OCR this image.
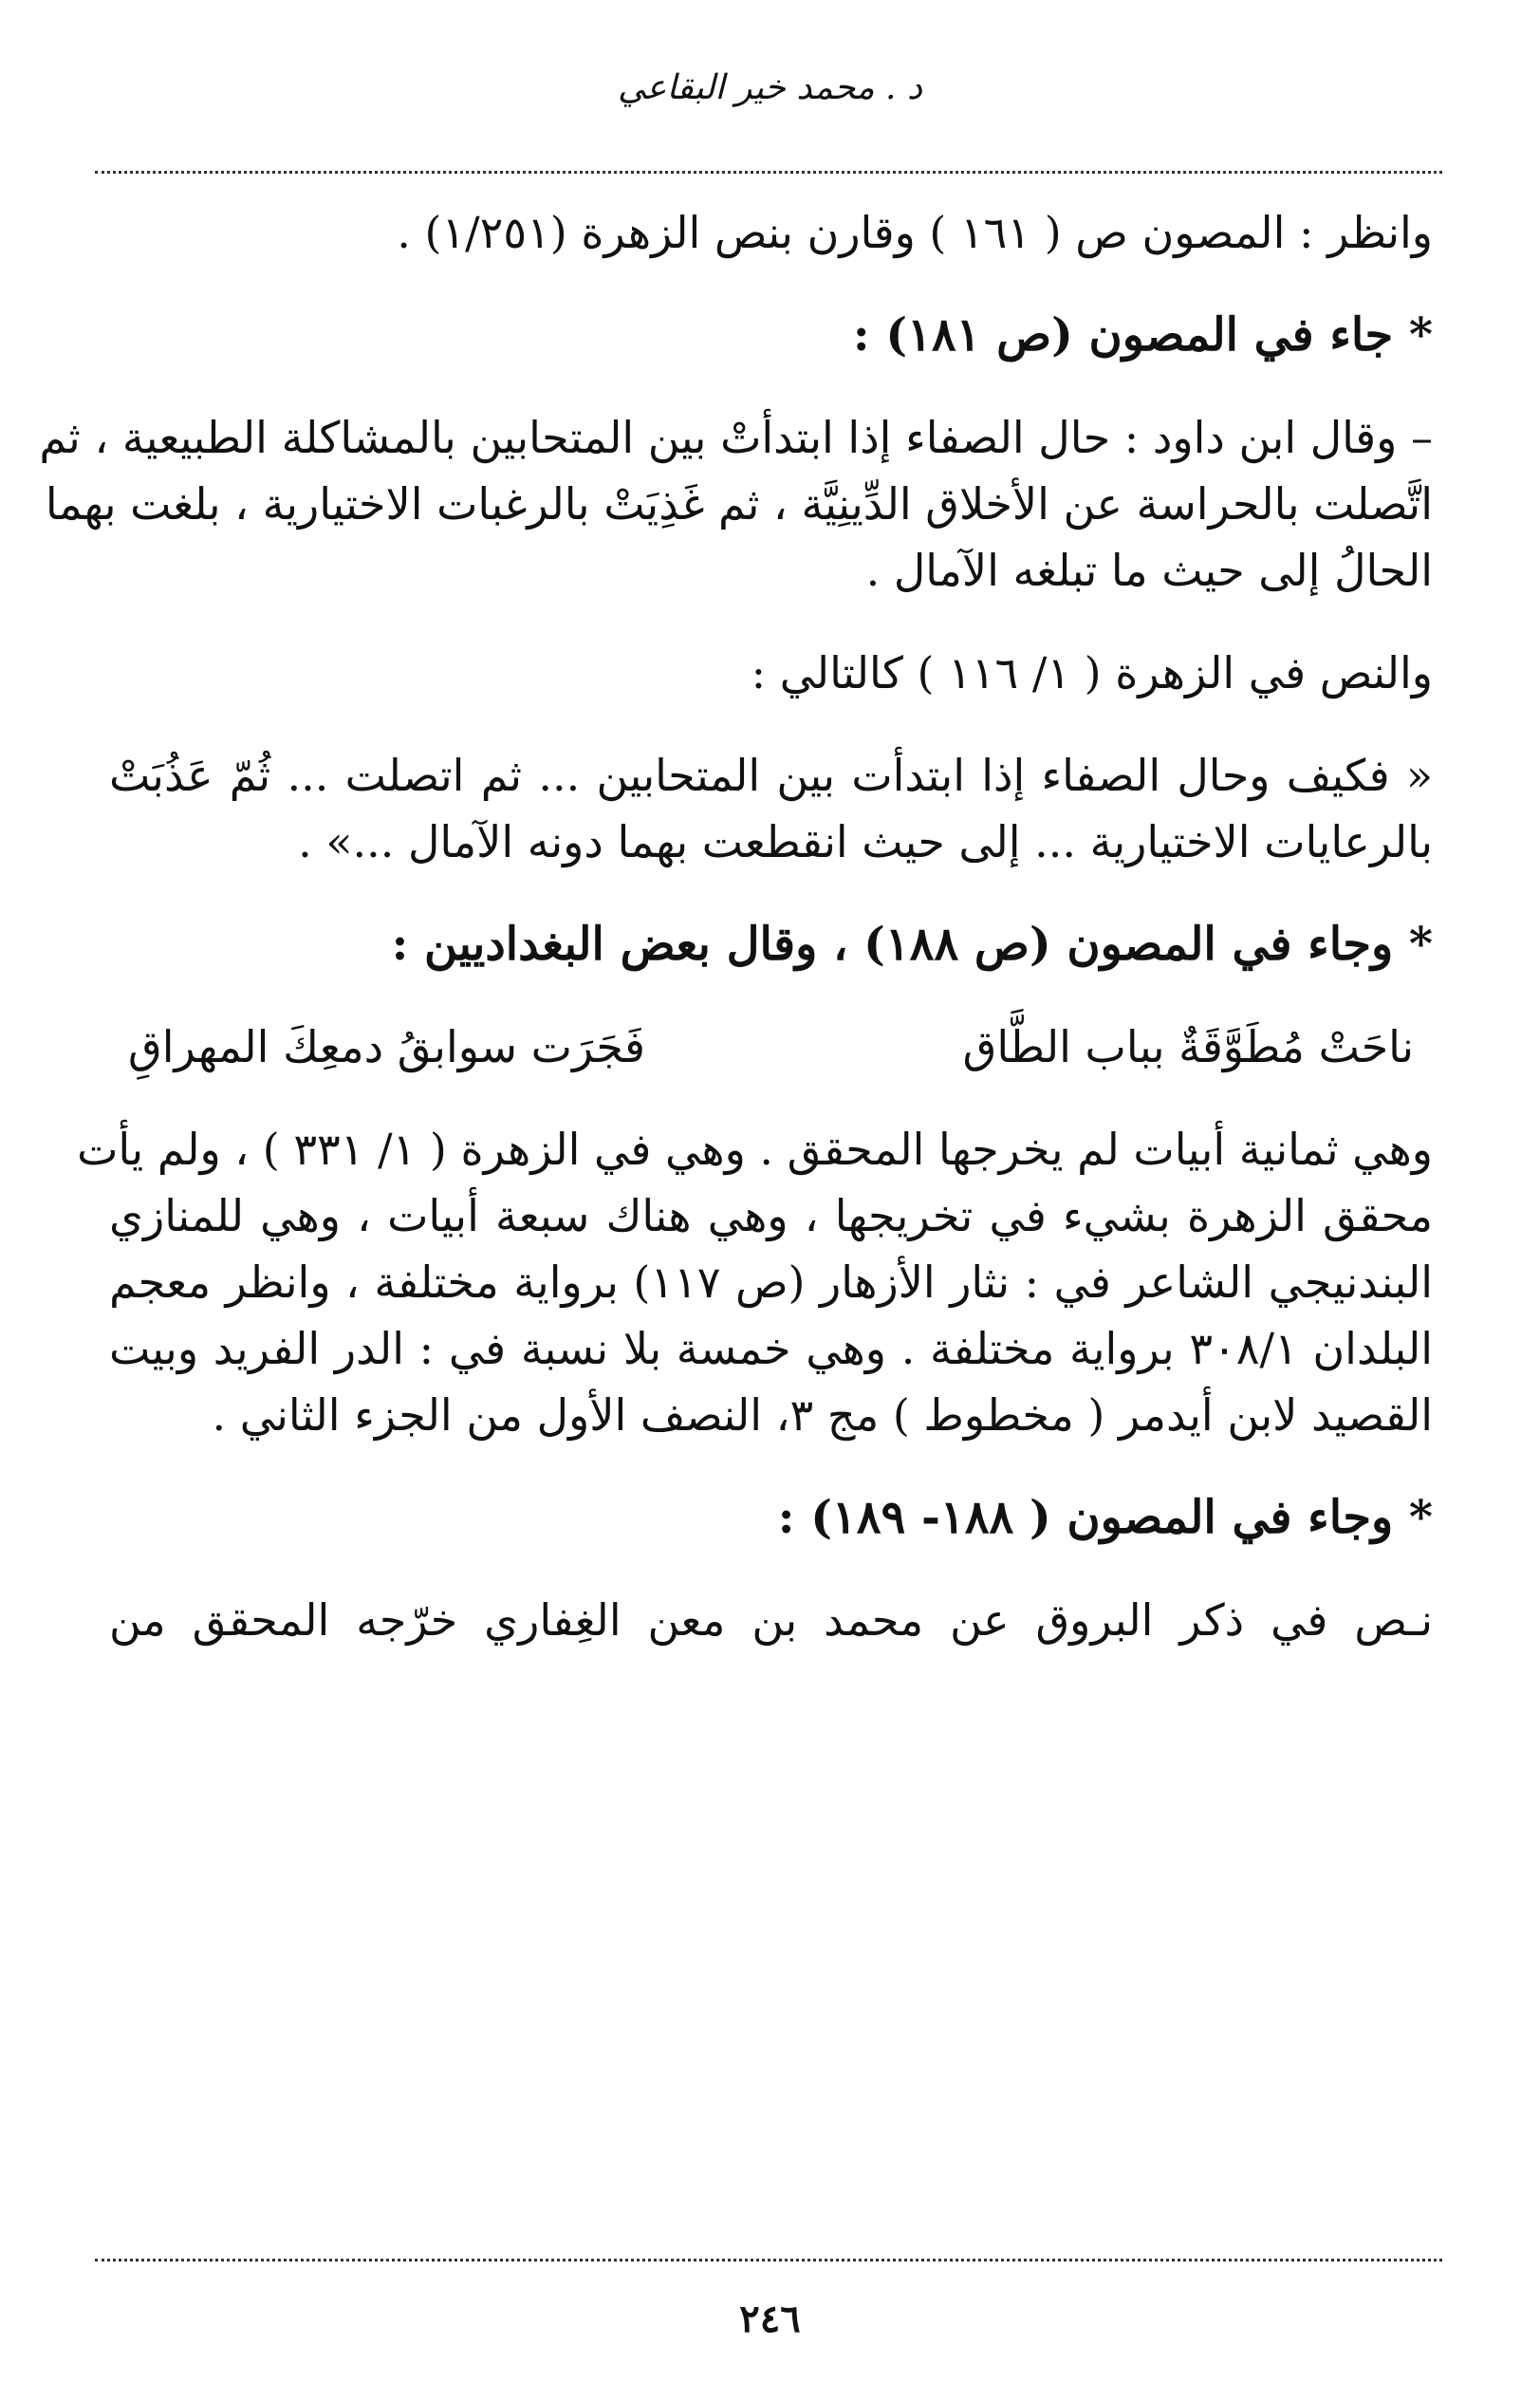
د . محمد خير البقاعي
وانظر : المصون ص ( ١٦١ ) وقارن بنص الزهرة (١/٢٥١) .
* جاء في المصون (ص ١٨١) :
– وقال ابن داود : حال الصفاء إذا ابتدأتْ بين المتحابين بالمشاكلة الطبيعية ، ثم
اتَّصلت بالحراسة عن الأخلاق الدِّينِيَّة ، ثم غَذِيَتْ بالرغبات الاختيارية ، بلغت بهما
الحالُ إلى حيث ما تبلغه الآمال .
والنص في الزهرة ( ١/ ١١٦ ) كالتالي :
« فكيف وحال الصفاء إذا ابتدأت بين المتحابين ... ثم اتصلت ... ثُمّ عَذُبَتْ
بالرعايات الاختيارية ... إلى حيث انقطعت بهما دونه الآمال ...» .
* وجاء في المصون (ص ١٨٨) ، وقال بعض البغداديين :
ناحَتْ مُطَوَّقَةٌ بباب الطَّاق
فَجَرَت سوابقُ دمعِكَ المهراقِ
وهي ثمانية أبيات لم يخرجها المحقق . وهي في الزهرة ( ١/ ٣٣١ ) ، ولم يأت
محقق الزهرة بشيء في تخريجها ، وهي هناك سبعة أبيات ، وهي للمنازي
البندنيجي الشاعر في : نثار الأزهار (ص ١١٧) برواية مختلفة ، وانظر معجم
البلدان ٣٠٨/١ برواية مختلفة . وهي خمسة بلا نسبة في : الدر الفريد وبيت
القصيد لابن أيدمر ( مخطوط ) مج ٣، النصف الأول من الجزء الثاني .
* وجاء في المصون ( ١٨٨- ١٨٩) :
نـص في ذكر البروق عن محمد بن معن الغِفاري خرّجه المحقق من
٢٤٦
